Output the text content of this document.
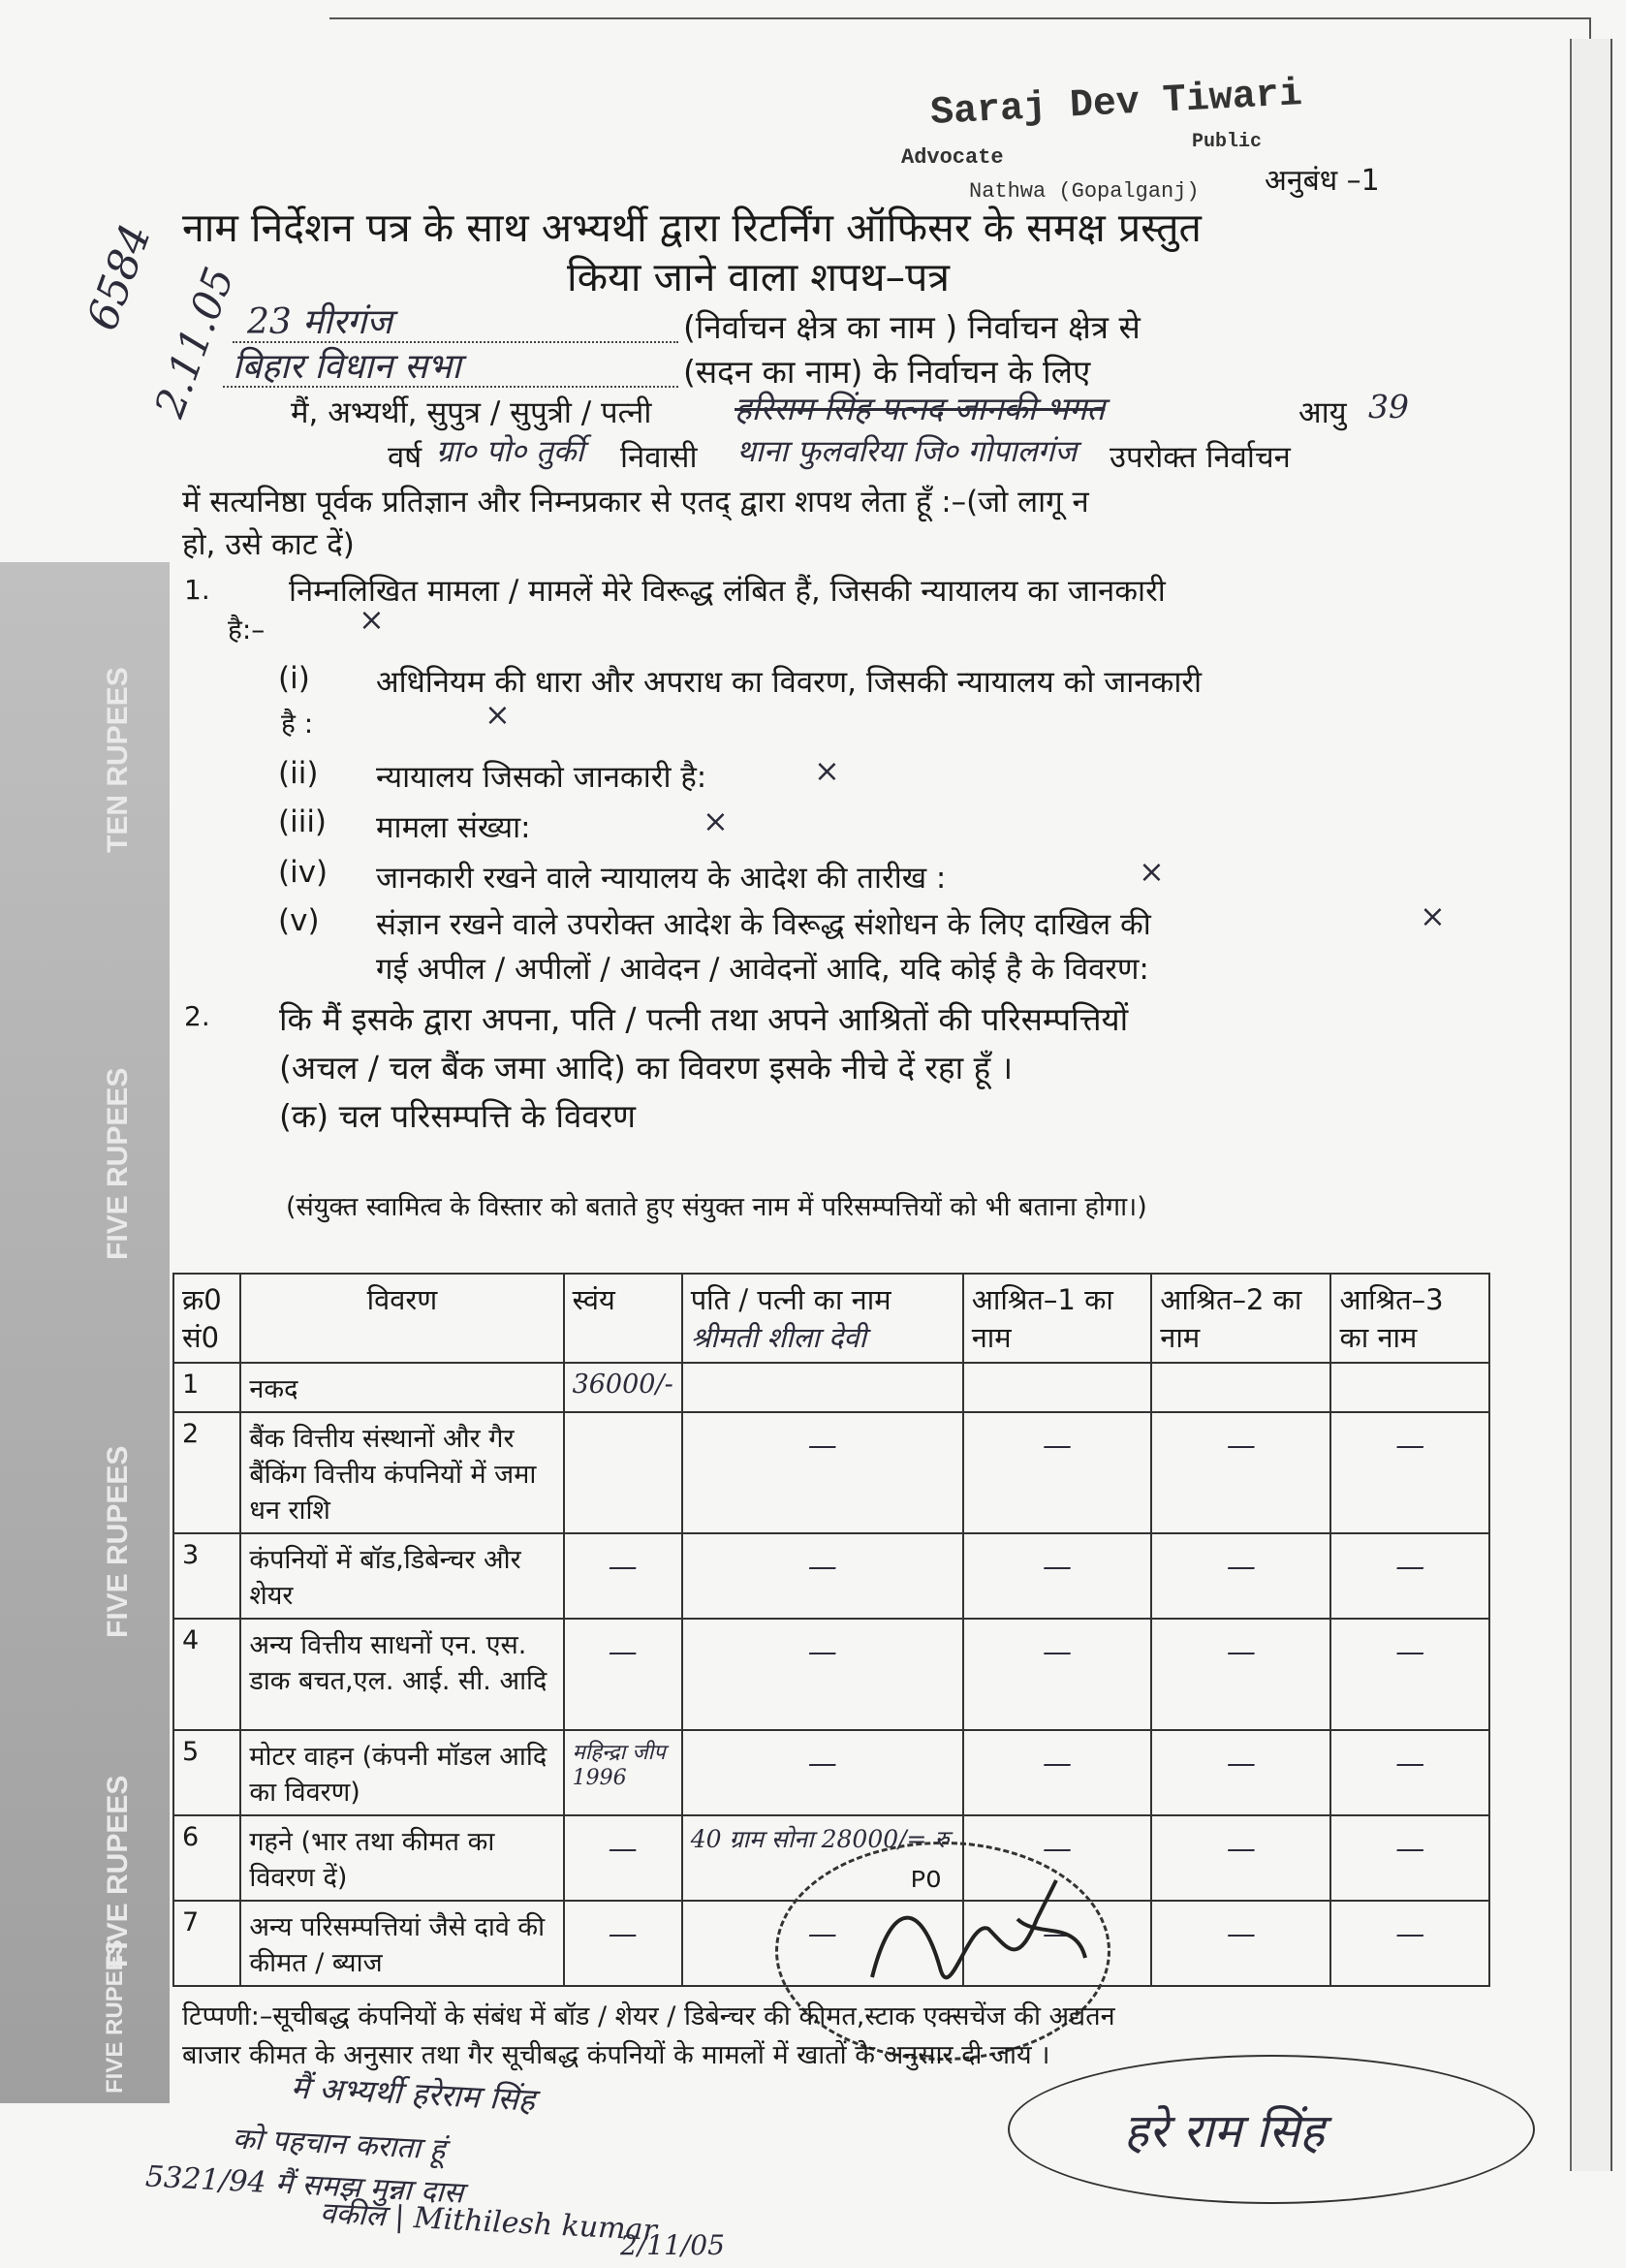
TEN RUPEES
FIVE RUPEES
FIVE RUPEES
FIVE RUPEES
FIVE RUPEES
6584
2.11.05
Saraj Dev Tiwari
Advocate
Public
Nathwa (Gopalganj) अनुबंध –1
नाम निर्देशन पत्र के साथ अभ्यर्थी द्वारा रिटर्निंग ऑफिसर के समक्ष प्रस्तुत
किया जाने वाला शपथ–पत्र
23 मीरगंज	(निर्वाचन क्षेत्र का नाम ) निर्वाचन क्षेत्र से
बिहार विधान सभा	(सदन का नाम) के निर्वाचन के लिए
मैं, अभ्यर्थी, सुपुत्र / सुपुत्री / पत्नी	हरिराम सिंह पत्नद जानकी भगत	आयु 39
वर्ष ग्रा० पो० तुर्की निवासी थाना फुलवरिया जि० गोपालगंज उपरोक्त निर्वाचन
में सत्यनिष्ठा पूर्वक प्रतिज्ञान और निम्नप्रकार से एतद् द्वारा शपथ लेता हूँ :–(जो लागू न
हो, उसे काट दें)
1.	निम्नलिखित मामला / मामलें मेरे विरूद्ध लंबित हैं, जिसकी न्यायालय का जानकारी
है:–	×
(i) अधिनियम की धारा और अपराध का विवरण, जिसकी न्यायालय को जानकारी
है :	×
(ii) न्यायालय जिसको जानकारी है:	×
(iii) मामला संख्या:	×
(iv) जानकारी रखने वाले न्यायालय के आदेश की तारीख :	×
(v) संज्ञान रखने वाले उपरोक्त आदेश के विरूद्ध संशोधन के लिए दाखिल की	×
गई अपील / अपीलों / आवेदन / आवेदनों आदि, यदि कोई है के विवरण:
2. कि मैं इसके द्वारा अपना, पति / पत्नी तथा अपने आश्रितों की परिसम्पत्तियों
(अचल / चल बैंक जमा आदि) का विवरण इसके नीचे दें रहा हूँ ।
(क) चल परिसम्पत्ति के विवरण
(संयुक्त स्वामित्व के विस्तार को बताते हुए संयुक्त नाम में परिसम्पत्तियों को भी बताना होगा।)
क्र0 सं0	विवरण	स्वंय	पति / पत्नी का नाम
श्रीमती शीला देवी	आश्रित–1 का नाम	आश्रित–2 का नाम	आश्रित–3 का नाम
1	नकद	36000/-				
2	बैंक वित्तीय संस्थानों और गैर बैंकिंग वित्तीय कंपनियों में जमा धन राशि		—	—	—	—

3	कंपनियों में बॉड,डिबेन्चर और शेयर	—	—	—	—	—

4	अन्य वित्तीय साधनों एन. एस. डाक बचत,एल. आई. सी. आदि	—	—	—	—	—

5	मोटर वाहन (कंपनी मॉडल आदि का विवरण)	महिन्द्रा जीप 1996	—	—	—	—

6	गहने (भार तथा कीमत का विवरण दें)	—	40 ग्राम सोना 28000/= रु	—	—	—

7	अन्य परिसम्पत्तियां जैसे दावे की कीमत / ब्याज	—	—	—	—	—
PO
टिप्पणी:–सूचीबद्ध कंपनियों के संबंध में बॉड / शेयर / डिबेन्चर की कीमत,स्टाक एक्सचेंज की अद्यतन
बाजार कीमत के अनुसार तथा गैर सूचीबद्ध कंपनियों के मामलों में खातों के अनुसार दी जाय ।
हरे राम सिंह
मैं अभ्यर्थी हरेराम सिंह
को पहचान कराता हूं
5321/94 मैं समझ मुन्ना दास
वकील | Mithilesh kumar
2/11/05
